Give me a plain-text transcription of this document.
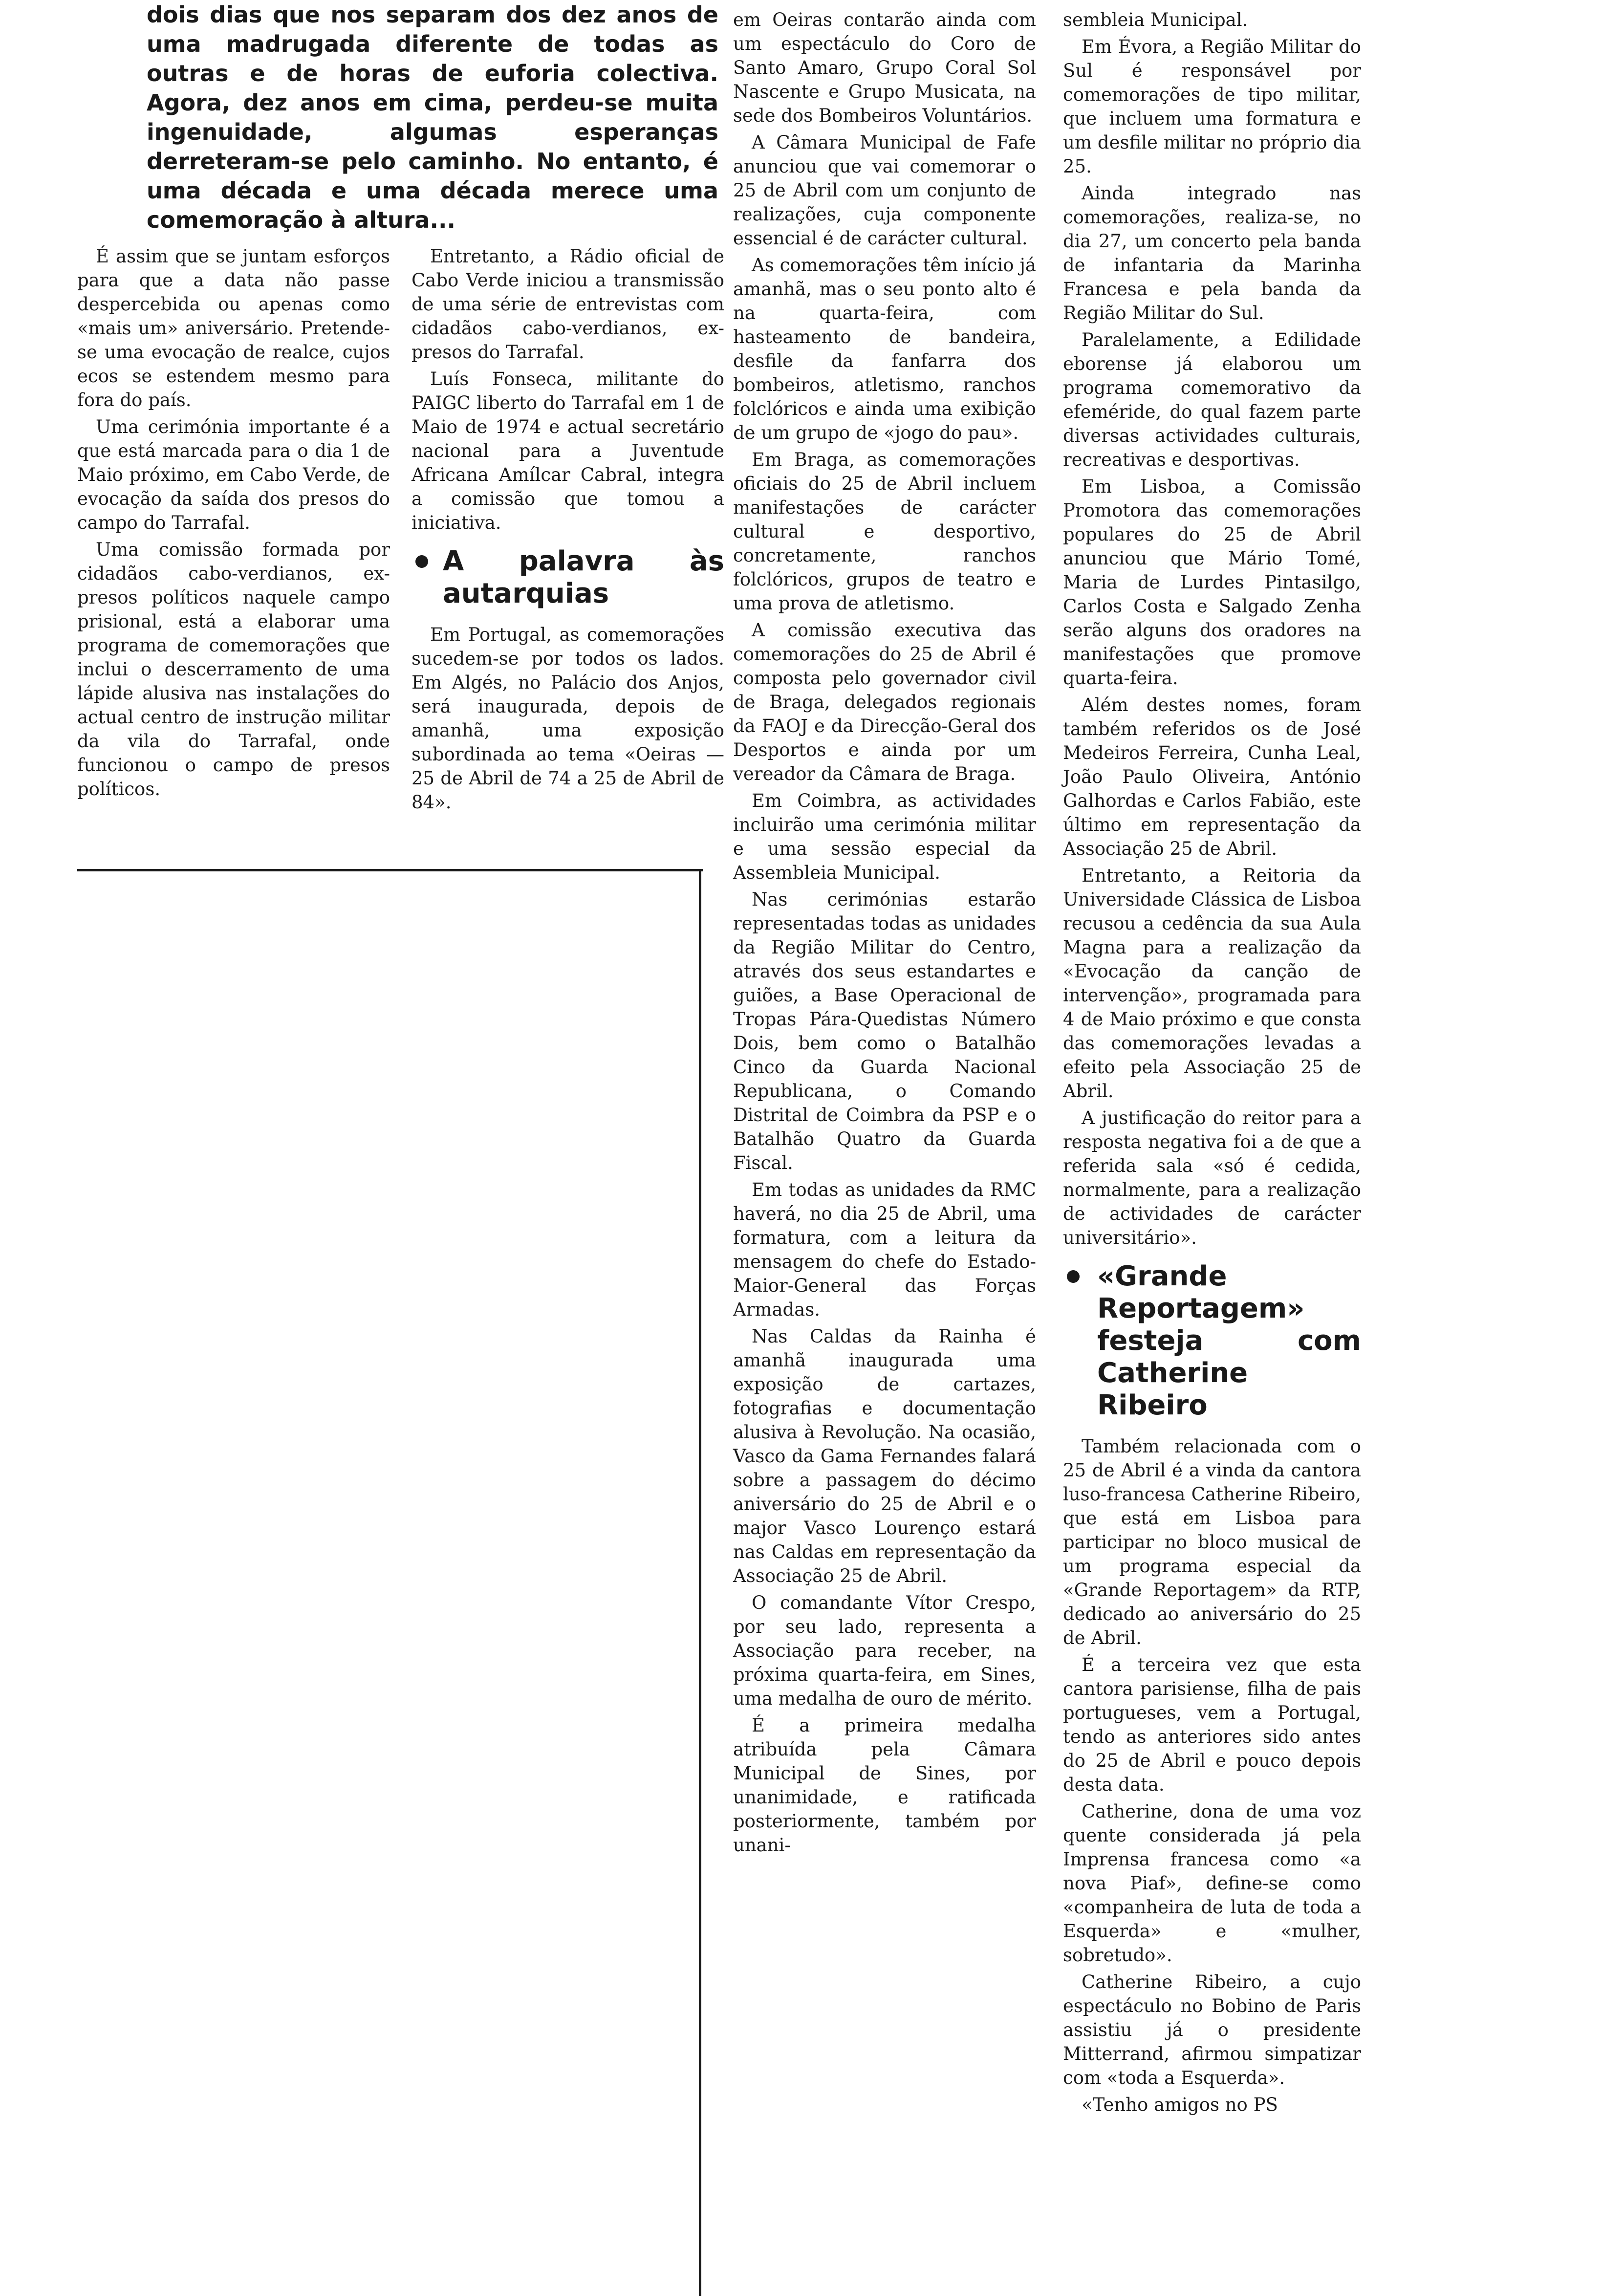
dois dias que nos separam dos dez anos de uma madrugada diferente de todas as outras e de horas de euforia colectiva. Agora, dez anos em cima, perdeu-se muita ingenuidade, algumas esperanças derreteram-se pelo caminho. No entanto, é uma década e uma década merece uma comemoração à altura...

É assim que se juntam esforços para que a data não passe despercebida ou apenas como «mais um» aniversário. Pretende-se uma evocação de realce, cujos ecos se estendem mesmo para fora do país.

Uma cerimónia importante é a que está marcada para o dia 1 de Maio próximo, em Cabo Verde, de evocação da saída dos presos do campo do Tarrafal.

Uma comissão formada por cidadãos cabo-verdianos, ex-presos políticos naquele campo prisional, está a elaborar uma programa de comemorações que inclui o descerramento de uma lápide alusiva nas instalações do actual centro de instrução militar da vila do Tarrafal, onde funcionou o campo de presos políticos.

Entretanto, a Rádio oficial de Cabo Verde iniciou a transmissão de uma série de entrevistas com cidadãos cabo-verdianos, ex-presos do Tarrafal.

Luís Fonseca, militante do PAIGC liberto do Tarrafal em 1 de Maio de 1974 e actual secretário nacional para a Juventude Africana Amílcar Cabral, integra a comissão que tomou a iniciativa.

A palavra às autarquias

Em Portugal, as comemorações sucedem-se por todos os lados. Em Algés, no Palácio dos Anjos, será inaugurada, depois de amanhã, uma exposição subordinada ao tema «Oeiras — 25 de Abril de 74 a 25 de Abril de 84».

em Oeiras contarão ainda com um espectáculo do Coro de Santo Amaro, Grupo Coral Sol Nascente e Grupo Musicata, na sede dos Bombeiros Voluntários.

A Câmara Municipal de Fafe anunciou que vai comemorar o 25 de Abril com um conjunto de realizações, cuja componente essencial é de carácter cultural.

As comemorações têm início já amanhã, mas o seu ponto alto é na quarta-feira, com hasteamento de bandeira, desfile da fanfarra dos bombeiros, atletismo, ranchos folclóricos e ainda uma exibição de um grupo de «jogo do pau».

Em Braga, as comemorações oficiais do 25 de Abril incluem manifestações de carácter cultural e desportivo, concretamente, ranchos folclóricos, grupos de teatro e uma prova de atletismo.

A comissão executiva das comemorações do 25 de Abril é composta pelo governador civil de Braga, delegados regionais da FAOJ e da Direcção-Geral dos Desportos e ainda por um vereador da Câmara de Braga.

Em Coimbra, as actividades incluirão uma cerimónia militar e uma sessão especial da Assembleia Municipal.

Nas cerimónias estarão representadas todas as unidades da Região Militar do Centro, através dos seus estandartes e guiões, a Base Operacional de Tropas Pára-Quedistas Número Dois, bem como o Batalhão Cinco da Guarda Nacional Republicana, o Comando Distrital de Coimbra da PSP e o Batalhão Quatro da Guarda Fiscal.

Em todas as unidades da RMC haverá, no dia 25 de Abril, uma formatura, com a leitura da mensagem do chefe do Estado-Maior-General das Forças Armadas.

Nas Caldas da Rainha é amanhã inaugurada uma exposição de cartazes, fotografias e documentação alusiva à Revolução. Na ocasião, Vasco da Gama Fernandes falará sobre a passagem do décimo aniversário do 25 de Abril e o major Vasco Lourenço estará nas Caldas em representação da Associação 25 de Abril.

O comandante Vítor Crespo, por seu lado, representa a Associação para receber, na próxima quarta-feira, em Sines, uma medalha de ouro de mérito.

É a primeira medalha atribuída pela Câmara Municipal de Sines, por unanimidade, e ratificada posteriormente, também por unani-

sembleia Municipal.

Em Évora, a Região Militar do Sul é responsável por comemorações de tipo militar, que incluem uma formatura e um desfile militar no próprio dia 25.

Ainda integrado nas comemorações, realiza-se, no dia 27, um concerto pela banda de infantaria da Marinha Francesa e pela banda da Região Militar do Sul.

Paralelamente, a Edilidade eborense já elaborou um programa comemorativo da efeméride, do qual fazem parte diversas actividades culturais, recreativas e desportivas.

Em Lisboa, a Comissão Promotora das comemorações populares do 25 de Abril anunciou que Mário Tomé, Maria de Lurdes Pintasilgo, Carlos Costa e Salgado Zenha serão alguns dos oradores na manifestações que promove quarta-feira.

Além destes nomes, foram também referidos os de José Medeiros Ferreira, Cunha Leal, João Paulo Oliveira, António Galhordas e Carlos Fabião, este último em representação da Associação 25 de Abril.

Entretanto, a Reitoria da Universidade Clássica de Lisboa recusou a cedência da sua Aula Magna para a realização da «Evocação da canção de intervenção», programada para 4 de Maio próximo e que consta das comemorações levadas a efeito pela Associação 25 de Abril.

A justificação do reitor para a resposta negativa foi a de que a referida sala «só é cedida, normalmente, para a realização de actividades de carácter universitário».

«Grande Reportagem» festeja com Catherine Ribeiro

Também relacionada com o 25 de Abril é a vinda da cantora luso-francesa Catherine Ribeiro, que está em Lisboa para participar no bloco musical de um programa especial da «Grande Reportagem» da RTP, dedicado ao aniversário do 25 de Abril.

É a terceira vez que esta cantora parisiense, filha de pais portugueses, vem a Portugal, tendo as anteriores sido antes do 25 de Abril e pouco depois desta data.

Catherine, dona de uma voz quente considerada já pela Imprensa francesa como «a nova Piaf», define-se como «companheira de luta de toda a Esquerda» e «mulher, sobretudo».

Catherine Ribeiro, a cujo espectáculo no Bobino de Paris assistiu já o presidente Mitterrand, afirmou simpatizar com «toda a Esquerda».

«Tenho amigos no PS
